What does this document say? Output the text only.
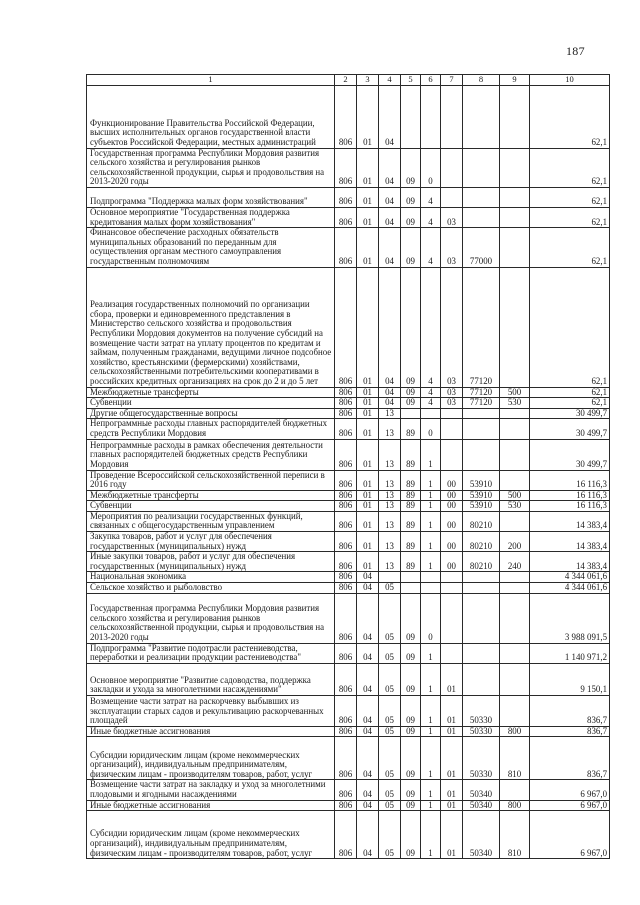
187
1	2	3	4	5	6	7	8	9	10
Функционирование Правительства Российской Федерации, высших исполнительных органов государственной власти субъектов Российской Федерации, местных администраций	806	01	04						62,1
Государственная программа Республики Мордовия развития сельского хозяйства и регулирования рынков сельскохозяйственной продукции, сырья и продовольствия на 2013-2020 годы	806	01	04	09	0				62,1
Подпрограмма "Поддержка малых форм хозяйствования"	806	01	04	09	4				62,1
Основное мероприятие "Государственная поддержка кредитования малых форм хозяйствования"	806	01	04	09	4	03			62,1
Финансовое обеспечение расходных обязательств муниципальных образований по переданным для осуществления органам местного самоуправления государственным полномочиям	806	01	04	09	4	03	77000		62,1
Реализация государственных полномочий по организации сбора, проверки и единовременного представления в Министерство сельского хозяйства и продовольствия Республики Мордовия документов на получение субсидий на возмещение части затрат на уплату процентов по кредитам и займам, полученным гражданами, ведущими личное подсобное хозяйство, крестьянскими (фермерскими) хозяйствами, сельскохозяйственными потребительскими кооперативами в российских кредитных организациях на срок до 2 и до 5 лет	806	01	04	09	4	03	77120		62,1
Межбюджетные трансферты	806	01	04	09	4	03	77120	500	62,1
Субвенции	806	01	04	09	4	03	77120	530	62,1
Другие общегосударственные вопросы	806	01	13						30 499,7
Непрограммные расходы главных распорядителей бюджетных средств Республики Мордовия	806	01	13	89	0				30 499,7
Непрограммные расходы в рамках обеспечения деятельности главных распорядителей бюджетных средств Республики Мордовия	806	01	13	89	1				30 499,7
Проведение Всероссийской сельскохозяйственной переписи в 2016 году	806	01	13	89	1	00	53910		16 116,3
Межбюджетные трансферты	806	01	13	89	1	00	53910	500	16 116,3
Субвенции	806	01	13	89	1	00	53910	530	16 116,3
Мероприятия по реализации государственных функций, связанных с общегосударственным управлением	806	01	13	89	1	00	80210		14 383,4
Закупка товаров, работ и услуг для обеспечения государственных (муниципальных) нужд	806	01	13	89	1	00	80210	200	14 383,4
Иные закупки товаров, работ и услуг для обеспечения государственных (муниципальных) нужд	806	01	13	89	1	00	80210	240	14 383,4
Национальная экономика	806	04							4 344 061,6
Сельское хозяйство и рыболовство	806	04	05						4 344 061,6
Государственная программа Республики Мордовия развития сельского хозяйства и регулирования рынков сельскохозяйственной продукции, сырья и продовольствия на 2013-2020 годы	806	04	05	09	0				3 988 091,5
Подпрограмма "Развитие подотрасли растениеводства, переработки и реализации продукции растениеводства"	806	04	05	09	1				1 140 971,2
Основное мероприятие "Развитие садоводства, поддержка закладки и ухода за многолетними насаждениями"	806	04	05	09	1	01			9 150,1
Возмещение части затрат на раскорчевку выбывших из эксплуатации старых садов и рекультивацию раскорчеванных площадей	806	04	05	09	1	01	50330		836,7
Иные бюджетные ассигнования	806	04	05	09	1	01	50330	800	836,7
Субсидии юридическим лицам (кроме некоммерческих организаций), индивидуальным предпринимателям, физическим лицам - производителям товаров, работ, услуг	806	04	05	09	1	01	50330	810	836,7
Возмещение части затрат на закладку и уход за многолетними плодовыми и ягодными насаждениями	806	04	05	09	1	01	50340		6 967,0
Иные бюджетные ассигнования	806	04	05	09	1	01	50340	800	6 967,0
Субсидии юридическим лицам (кроме некоммерческих организаций), индивидуальным предпринимателям, физическим лицам - производителям товаров, работ, услуг	806	04	05	09	1	01	50340	810	6 967,0
